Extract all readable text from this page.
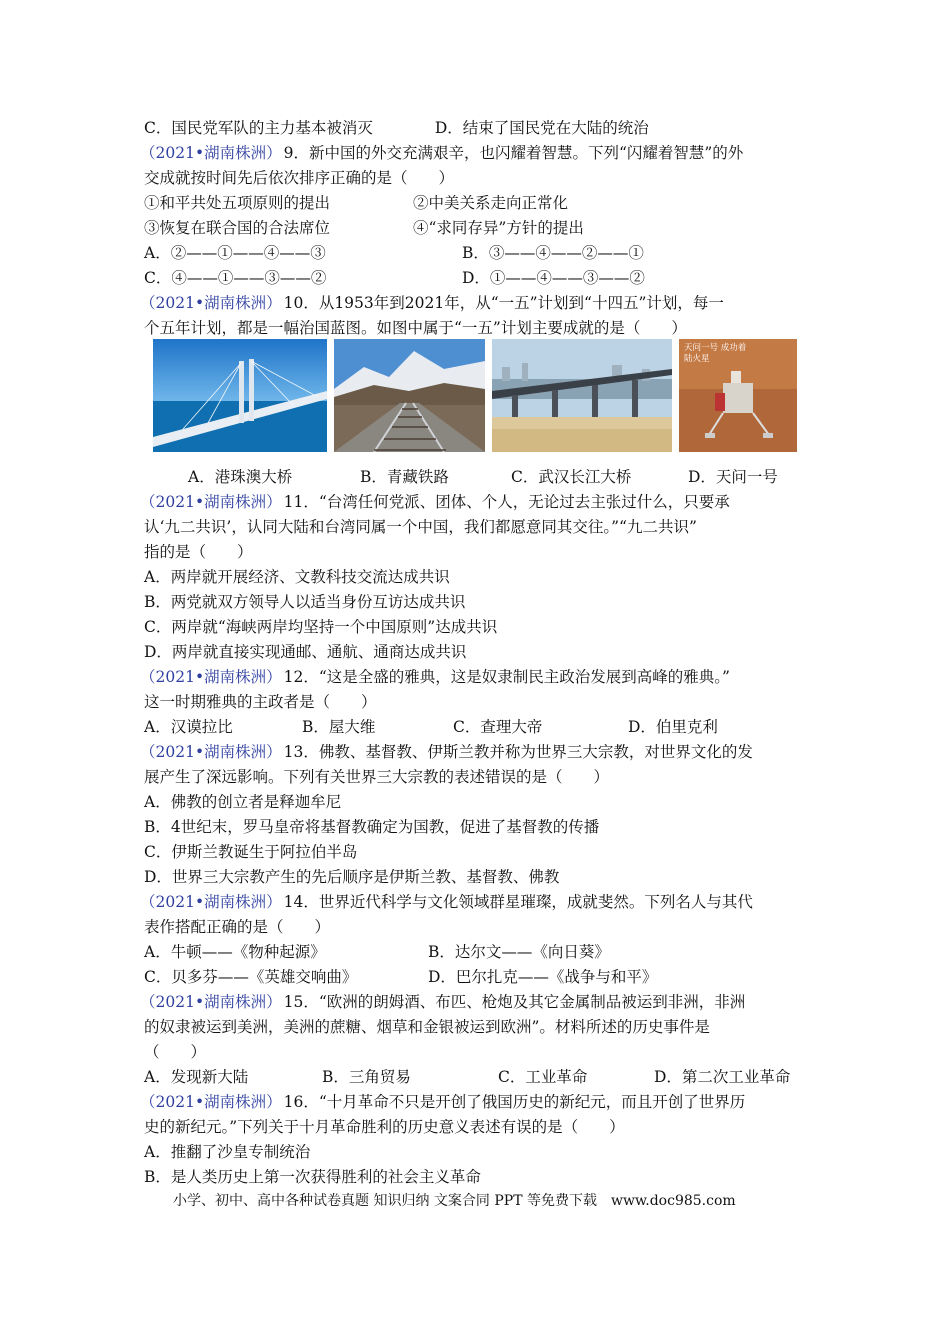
C．国民党军队的主力基本被消灭　　　　D．结束了国民党在大陆的统治
（2021•湖南株洲） 9．新中国的外交充满艰辛，也闪耀着智慧。下列“闪耀着智慧”的外
交成就按时间先后依次排序正确的是（　　）
①和平共处五项原则的提出	②中美关系走向正常化
③恢复在联合国的合法席位	④“求同存异”方针的提出
A．②——①——④——③	B．③——④——②——①
C．④——①——③——②	D．①——④——③——②
（2021•湖南株洲） 10．从1953年到2021年，从“一五”计划到“十四五”计划，每一
个五年计划，都是一幅治国蓝图。如图中属于“一五”计划主要成就的是（　　）
天问一号 成功着陆火星
A．港珠澳大桥	B．青藏铁路	C．武汉长江大桥	D．天问一号
（2021•湖南株洲） 11．“台湾任何党派、团体、个人，无论过去主张过什么，只要承
认‘九二共识’，认同大陆和台湾同属一个中国，我们都愿意同其交往。”“九二共识”
指的是（　　）
A．两岸就开展经济、文教科技交流达成共识
B．两党就双方领导人以适当身份互访达成共识
C．两岸就“海峡两岸均坚持一个中国原则”达成共识
D．两岸就直接实现通邮、通航、通商达成共识
（2021•湖南株洲） 12．“这是全盛的雅典，这是奴隶制民主政治发展到高峰的雅典。”
这一时期雅典的主政者是（　　）
A．汉谟拉比	B．屋大维	C．查理大帝	D．伯里克利
（2021•湖南株洲） 13．佛教、基督教、伊斯兰教并称为世界三大宗教，对世界文化的发
展产生了深远影响。下列有关世界三大宗教的表述错误的是（　　）
A．佛教的创立者是释迦牟尼
B．4世纪末，罗马皇帝将基督教确定为国教，促进了基督教的传播
C．伊斯兰教诞生于阿拉伯半岛
D．世界三大宗教产生的先后顺序是伊斯兰教、基督教、佛教
（2021•湖南株洲） 14．世界近代科学与文化领域群星璀璨，成就斐然。下列名人与其代
表作搭配正确的是（　　）
A．牛顿——《物种起源》	B．达尔文——《向日葵》
C．贝多芬——《英雄交响曲》	D．巴尔扎克——《战争与和平》
（2021•湖南株洲） 15．“欧洲的朗姆酒、布匹、枪炮及其它金属制品被运到非洲，非洲
的奴隶被运到美洲，美洲的蔗糖、烟草和金银被运到欧洲”。材料所述的历史事件是
（　　）
A．发现新大陆	B．三角贸易	C．工业革命	D．第二次工业革命
（2021•湖南株洲） 16．“十月革命不只是开创了俄国历史的新纪元，而且开创了世界历
史的新纪元。”下列关于十月革命胜利的历史意义表述有误的是（　　）
A．推翻了沙皇专制统治
B．是人类历史上第一次获得胜利的社会主义革命
小学、初中、高中各种试卷真题 知识归纳 文案合同 PPT 等免费下载　www.doc985.com
